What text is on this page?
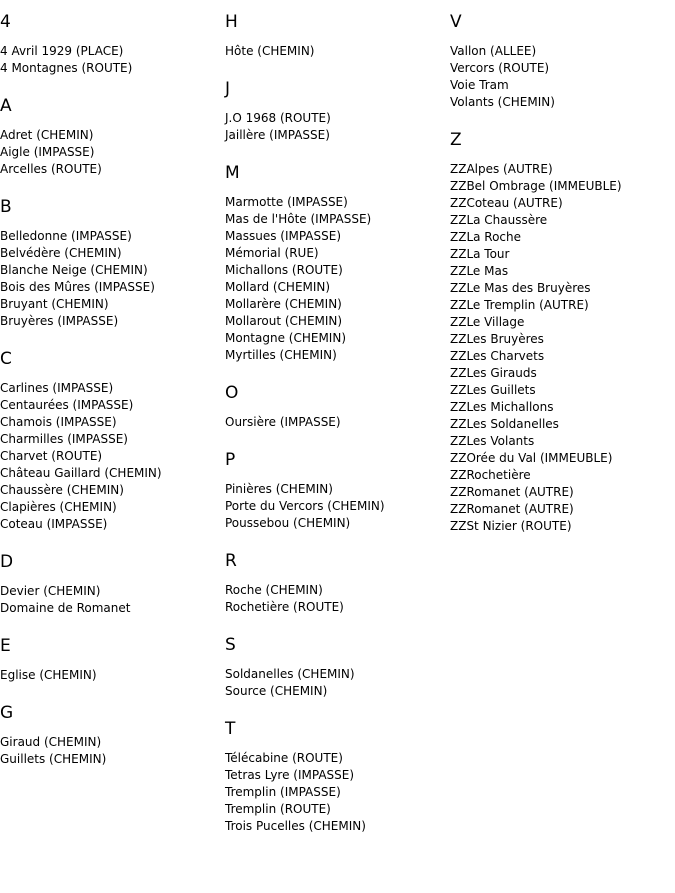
4
4 Avril 1929 (PLACE)
4 Montagnes (ROUTE)
A
Adret (CHEMIN)
Aigle (IMPASSE)
Arcelles (ROUTE)
B
Belledonne (IMPASSE)
Belvédère (CHEMIN)
Blanche Neige (CHEMIN)
Bois des Mûres (IMPASSE)
Bruyant (CHEMIN)
Bruyères (IMPASSE)
C
Carlines (IMPASSE)
Centaurées (IMPASSE)
Chamois (IMPASSE)
Charmilles (IMPASSE)
Charvet (ROUTE)
Château Gaillard (CHEMIN)
Chaussère (CHEMIN)
Clapières (CHEMIN)
Coteau (IMPASSE)
D
Devier (CHEMIN)
Domaine de Romanet
E
Eglise (CHEMIN)
G
Giraud (CHEMIN)
Guillets (CHEMIN)
H
Hôte (CHEMIN)
J
J.O 1968 (ROUTE)
Jaillère (IMPASSE)
M
Marmotte (IMPASSE)
Mas de l'Hôte (IMPASSE)
Massues (IMPASSE)
Mémorial (RUE)
Michallons (ROUTE)
Mollard (CHEMIN)
Mollarère (CHEMIN)
Mollarout (CHEMIN)
Montagne (CHEMIN)
Myrtilles (CHEMIN)
O
Oursière (IMPASSE)
P
Pinières (CHEMIN)
Porte du Vercors (CHEMIN)
Poussebou (CHEMIN)
R
Roche (CHEMIN)
Rochetière (ROUTE)
S
Soldanelles (CHEMIN)
Source (CHEMIN)
T
Télécabine (ROUTE)
Tetras Lyre (IMPASSE)
Tremplin (IMPASSE)
Tremplin (ROUTE)
Trois Pucelles (CHEMIN)
V
Vallon (ALLEE)
Vercors (ROUTE)
Voie Tram
Volants (CHEMIN)
Z
ZZAlpes (AUTRE)
ZZBel Ombrage (IMMEUBLE)
ZZCoteau (AUTRE)
ZZLa Chaussère
ZZLa Roche
ZZLa Tour
ZZLe Mas
ZZLe Mas des Bruyères
ZZLe Tremplin (AUTRE)
ZZLe Village
ZZLes Bruyères
ZZLes Charvets
ZZLes Girauds
ZZLes Guillets
ZZLes Michallons
ZZLes Soldanelles
ZZLes Volants
ZZOrée du Val (IMMEUBLE)
ZZRochetière
ZZRomanet (AUTRE)
ZZRomanet (AUTRE)
ZZSt Nizier (ROUTE)
